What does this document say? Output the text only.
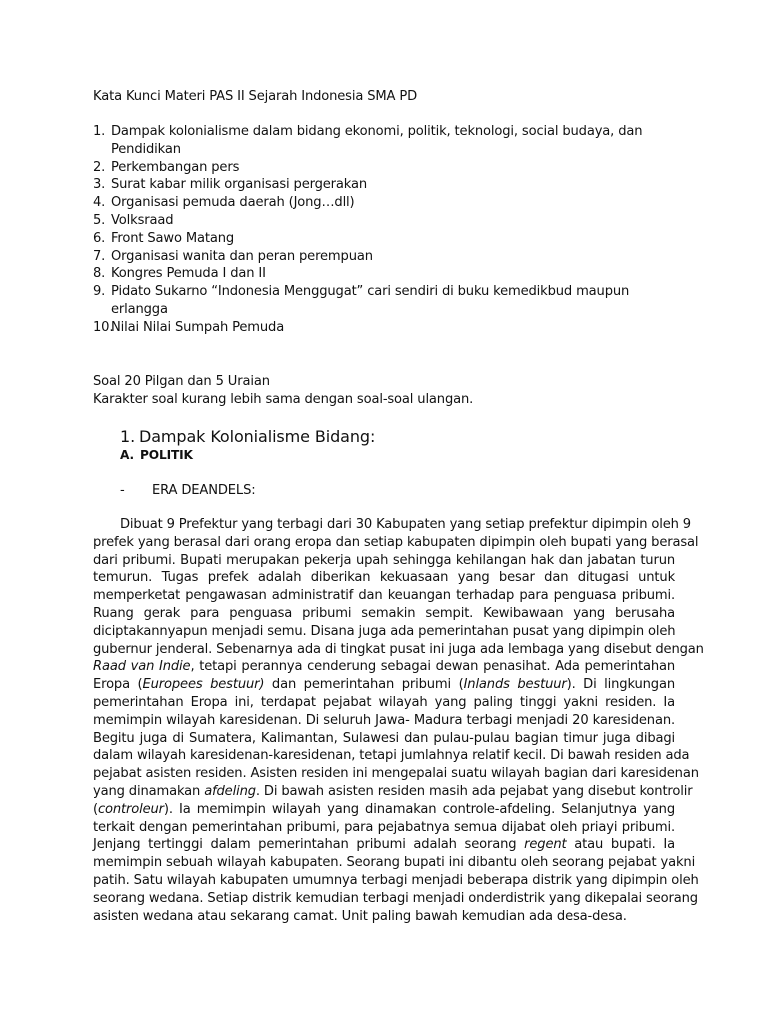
Kata Kunci Materi PAS II Sejarah Indonesia SMA PD
1. Dampak kolonialisme dalam bidang ekonomi, politik, teknologi, social budaya, dan
Pendidikan
2. Perkembangan pers
3. Surat kabar milik organisasi pergerakan
4. Organisasi pemuda daerah (Jong…dll)
5. Volksraad
6. Front Sawo Matang
7. Organisasi wanita dan peran perempuan
8. Kongres Pemuda I dan II
9. Pidato Sukarno “Indonesia Menggugat” cari sendiri di buku kemedikbud maupun
erlangga
10.
Nilai Nilai Sumpah Pemuda
Soal 20 Pilgan dan 5 Uraian
Karakter soal kurang lebih sama dengan soal-soal ulangan.
1. Dampak Kolonialisme Bidang:
A. POLITIK
- ERA DEANDELS:
Dibuat 9 Prefektur yang terbagi dari 30 Kabupaten yang setiap prefektur dipimpin oleh 9
prefek yang berasal dari orang eropa dan setiap kabupaten dipimpin oleh bupati yang berasal
dari pribumi. Bupati merupakan pekerja upah sehingga kehilangan hak dan jabatan turun
temurun. Tugas prefek adalah diberikan kekuasaan yang besar dan ditugasi untuk
memperketat pengawasan administratif dan keuangan terhadap para penguasa pribumi.
Ruang gerak para penguasa pribumi semakin sempit. Kewibawaan yang berusaha
diciptakannyapun menjadi semu. Disana juga ada pemerintahan pusat yang dipimpin oleh
gubernur jenderal. Sebenarnya ada di tingkat pusat ini juga ada lembaga yang disebut dengan
Raad van Indie, tetapi perannya cenderung sebagai dewan penasihat. Ada pemerintahan
Eropa (Europees bestuur) dan pemerintahan pribumi (Inlands bestuur). Di lingkungan
pemerintahan Eropa ini, terdapat pejabat wilayah yang paling tinggi yakni residen. Ia
memimpin wilayah karesidenan. Di seluruh Jawa- Madura terbagi menjadi 20 karesidenan.
Begitu juga di Sumatera, Kalimantan, Sulawesi dan pulau-pulau bagian timur juga dibagi
dalam wilayah karesidenan-karesidenan, tetapi jumlahnya relatif kecil. Di bawah residen ada
pejabat asisten residen. Asisten residen ini mengepalai suatu wilayah bagian dari karesidenan
yang dinamakan afdeling. Di bawah asisten residen masih ada pejabat yang disebut kontrolir
(controleur). Ia memimpin wilayah yang dinamakan controle-afdeling. Selanjutnya yang
terkait dengan pemerintahan pribumi, para pejabatnya semua dijabat oleh priayi pribumi.
Jenjang tertinggi dalam pemerintahan pribumi adalah seorang regent atau bupati. Ia
memimpin sebuah wilayah kabupaten. Seorang bupati ini dibantu oleh seorang pejabat yakni
patih. Satu wilayah kabupaten umumnya terbagi menjadi beberapa distrik yang dipimpin oleh
seorang wedana. Setiap distrik kemudian terbagi menjadi onderdistrik yang dikepalai seorang
asisten wedana atau sekarang camat. Unit paling bawah kemudian ada desa-desa.
